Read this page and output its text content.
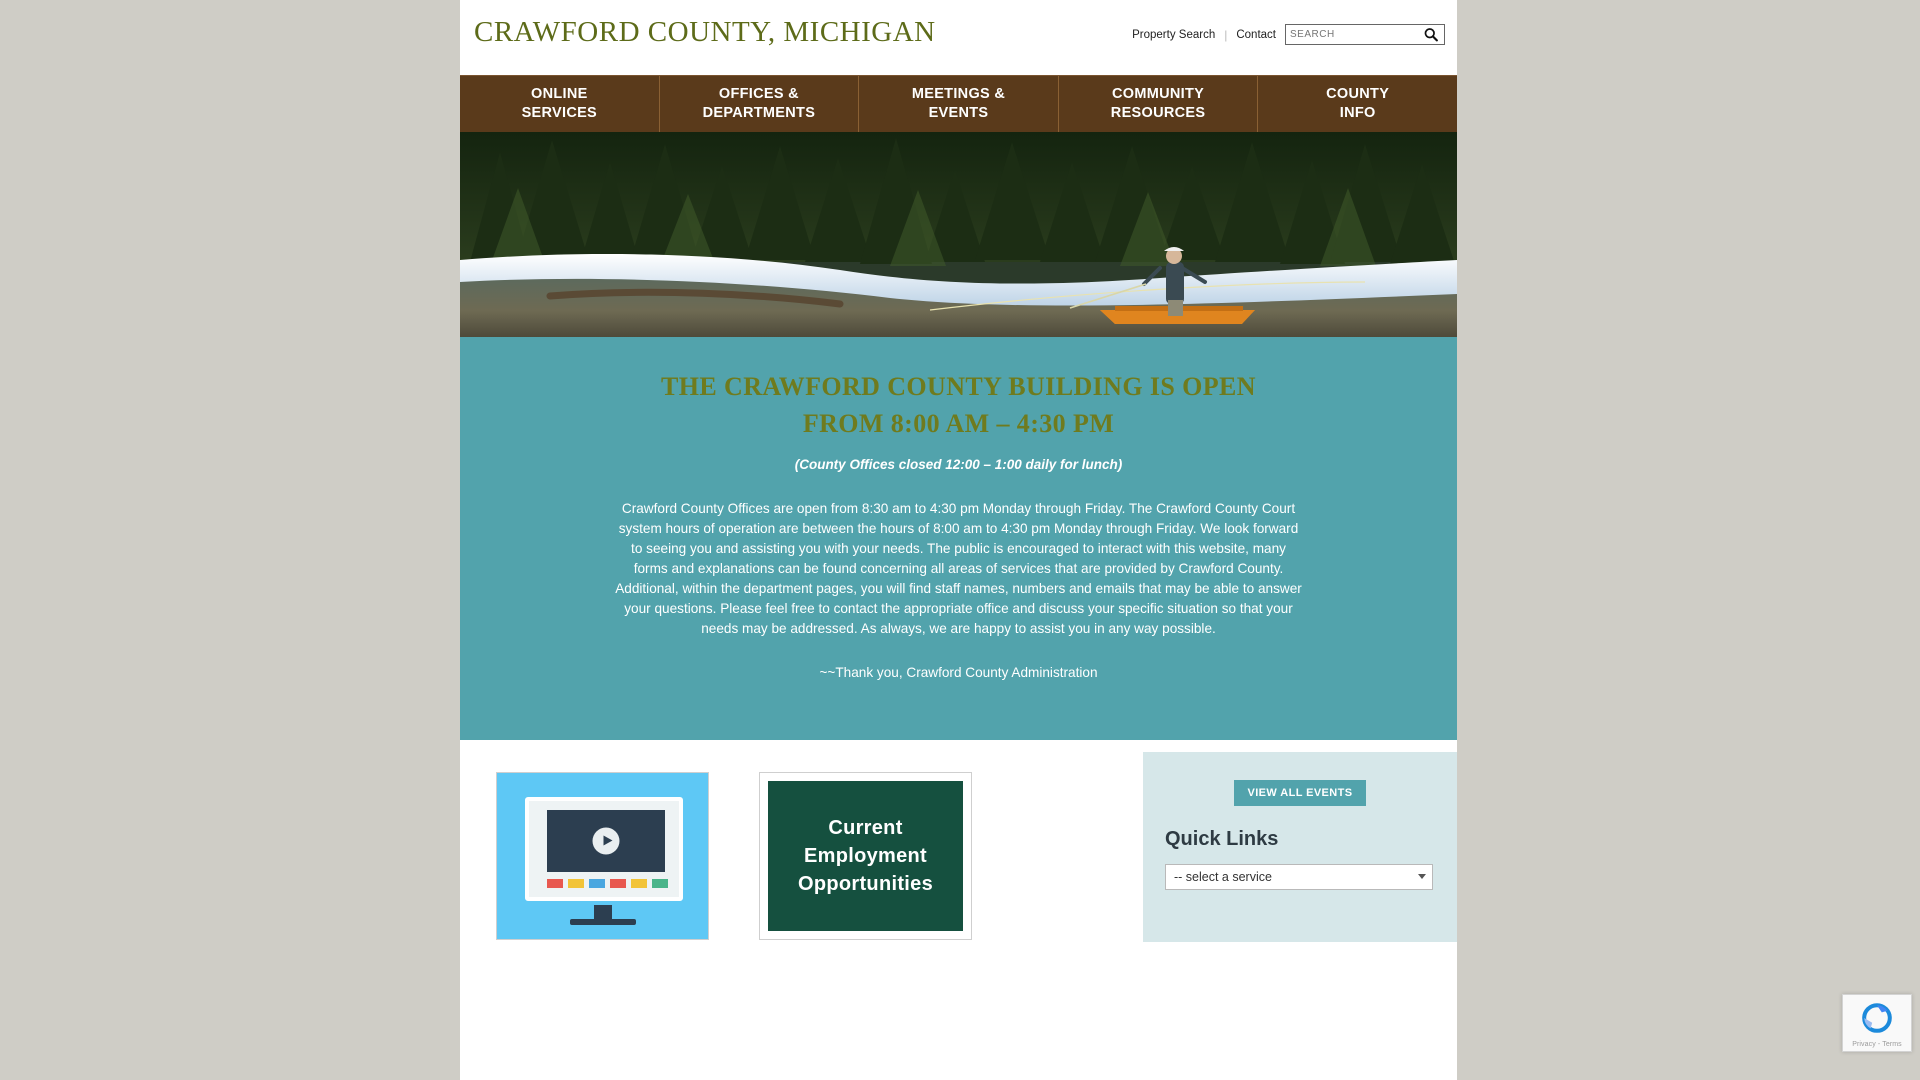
CRAWFORD COUNTY, MICHIGAN	Property Search | Contact
SEARCH
ONLINE
SERVICES
OFFICES &
DEPARTMENTS
MEETINGS &
EVENTS
COMMUNITY
RESOURCES
COUNTY
INFO
THE CRAWFORD COUNTY BUILDING IS OPEN
FROM 8:00 AM – 4:30 PM
(County Offices closed 12:00 – 1:00 daily for lunch)

Crawford County Offices are open from 8:30 am to 4:30 pm Monday through Friday. The Crawford County Court system hours of operation are between the hours of 8:00 am to 4:30 pm Monday through Friday. We look forward to seeing you and assisting you with your needs. The public is encouraged to interact with this website, many forms and explanations can be found concerning all areas of services that are provided by Crawford County. Additional, within the department pages, you will find staff names, numbers and emails that may be able to answer your questions. Please feel free to contact the appropriate office and discuss your specific situation so that your needs may be addressed. As always, we are happy to assist you in any way possible.

~~Thank you, Crawford County Administration
Current Employment Opportunities
VIEW ALL EVENTS
Quick Links
-- select a service
Privacy - Terms
